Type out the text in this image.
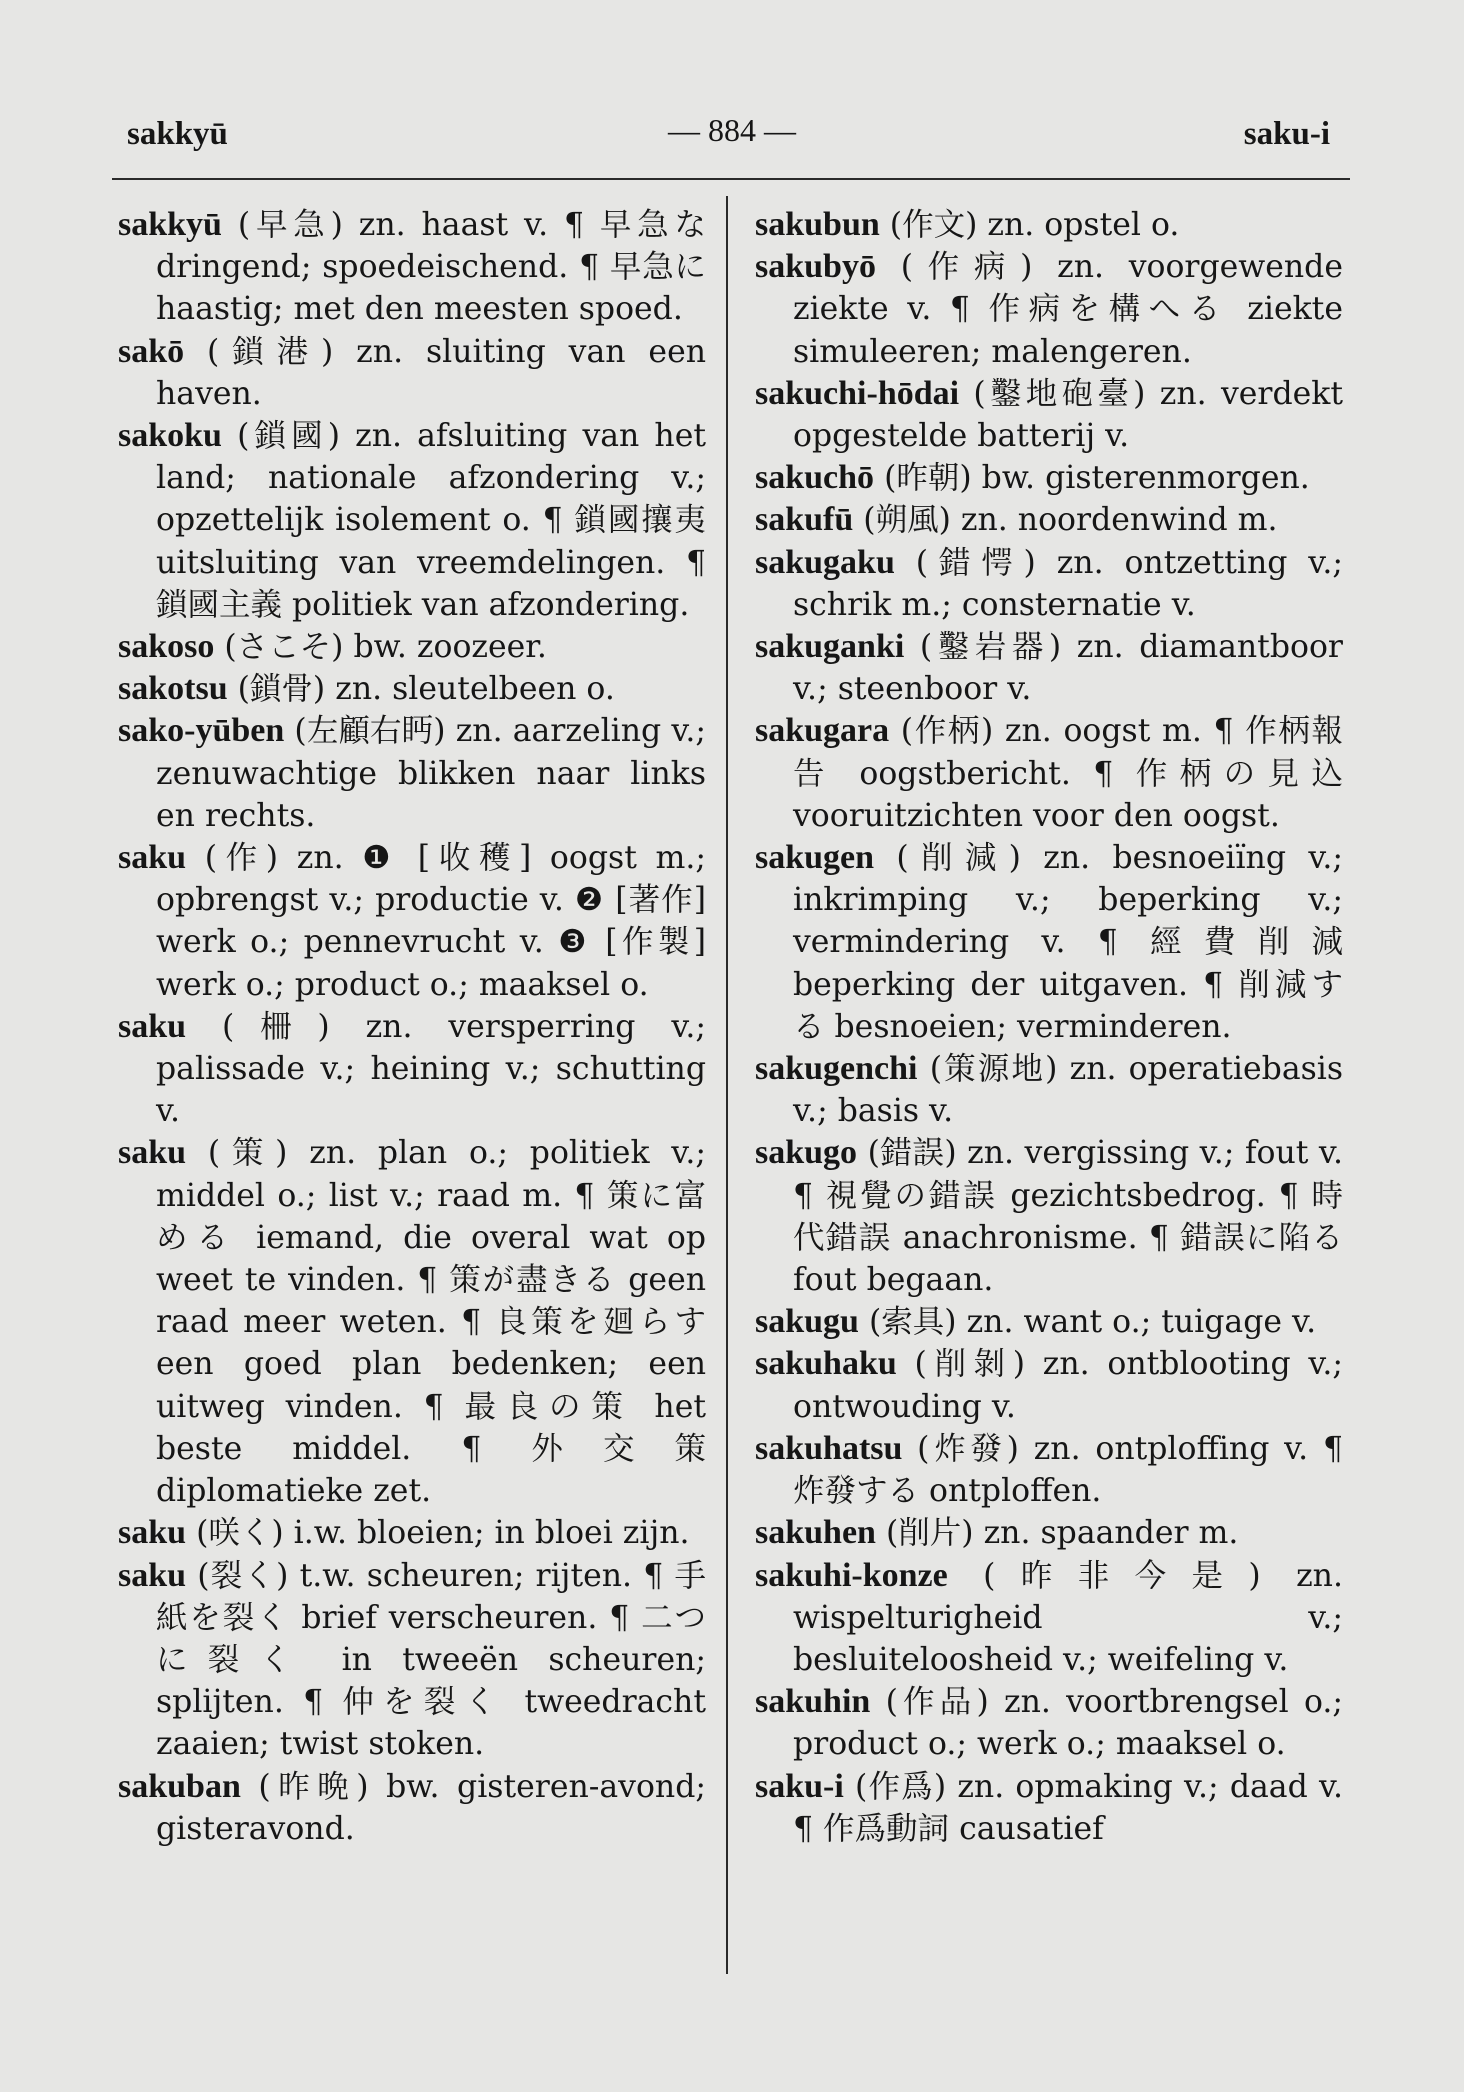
sakkyū	— 884 —	saku-i

sakkyū (早急) zn. haast v. ¶ 早急な dringend; spoedeischend. ¶ 早急に haastig; met den meesten spoed.

sakō (鎖港) zn. sluiting van een haven.

sakoku (鎖國) zn. afsluiting van het land; nationale afzondering v.; opzettelijk isolement o. ¶ 鎖國攘夷 uitsluiting van vreemdelingen. ¶ 鎖國主義 politiek van afzondering.

sakoso (さこそ) bw. zoozeer.

sakotsu (鎖骨) zn. sleutelbeen o.

sako-yūben (左顧右眄) zn. aarzeling v.; zenuwachtige blikken naar links en rechts.

saku (作) zn. ❶ [收穫] oogst m.; opbrengst v.; productie v. ❷ [著作] werk o.; pennevrucht v. ❸ [作製] werk o.; product o.; maaksel o.

saku (柵) zn. versperring v.; palissade v.; heining v.; schutting v.

saku (策) zn. plan o.; politiek v.; middel o.; list v.; raad m. ¶ 策に富める iemand, die overal wat op weet te vinden. ¶ 策が盡きる geen raad meer weten. ¶ 良策を廻らす een goed plan bedenken; een uitweg vinden. ¶ 最良の策 het beste middel. ¶ 外交策 diplomatieke zet.

saku (咲く) i.w. bloeien; in bloei zijn.

saku (裂く) t.w. scheuren; rijten. ¶ 手紙を裂く brief verscheuren. ¶ 二つに裂く in tweeën scheuren; splijten. ¶ 仲を裂く tweedracht zaaien; twist stoken.

sakuban (昨晩) bw. gisteren-avond; gisteravond.

sakubun (作文) zn. opstel o.

sakubyō (作病) zn. voorgewende ziekte v. ¶ 作病を構へる ziekte simuleeren; malengeren.

sakuchi-hōdai (鑿地砲臺) zn. verdekt opgestelde batterij v.

sakuchō (昨朝) bw. gisterenmorgen.

sakufū (朔風) zn. noordenwind m.

sakugaku (錯愕) zn. ontzetting v.; schrik m.; consternatie v.

sakuganki (鑿岩器) zn. diamantboor v.; steenboor v.

sakugara (作柄) zn. oogst m. ¶ 作柄報告 oogstbericht. ¶ 作柄の見込 vooruitzichten voor den oogst.

sakugen (削減) zn. besnoeiïng v.; inkrimping v.; beperking v.; vermindering v. ¶ 經費削減 beperking der uitgaven. ¶ 削減する besnoeien; verminderen.

sakugenchi (策源地) zn. operatiebasis v.; basis v.

sakugo (錯誤) zn. vergissing v.; fout v. ¶ 視覺の錯誤 gezichtsbedrog. ¶ 時代錯誤 anachronisme. ¶ 錯誤に陷る fout begaan.

sakugu (索具) zn. want o.; tuigage v.

sakuhaku (削剝) zn. ontblooting v.; ontwouding v.

sakuhatsu (炸發) zn. ontploffing v. ¶ 炸發する ontploffen.

sakuhen (削片) zn. spaander m.

sakuhi-konze (昨非今是) zn. wispelturigheid v.; besluiteloosheid v.; weifeling v.

sakuhin (作品) zn. voortbrengsel o.; product o.; werk o.; maaksel o.

saku-i (作爲) zn. opmaking v.; daad v. ¶ 作爲動詞 causatief
